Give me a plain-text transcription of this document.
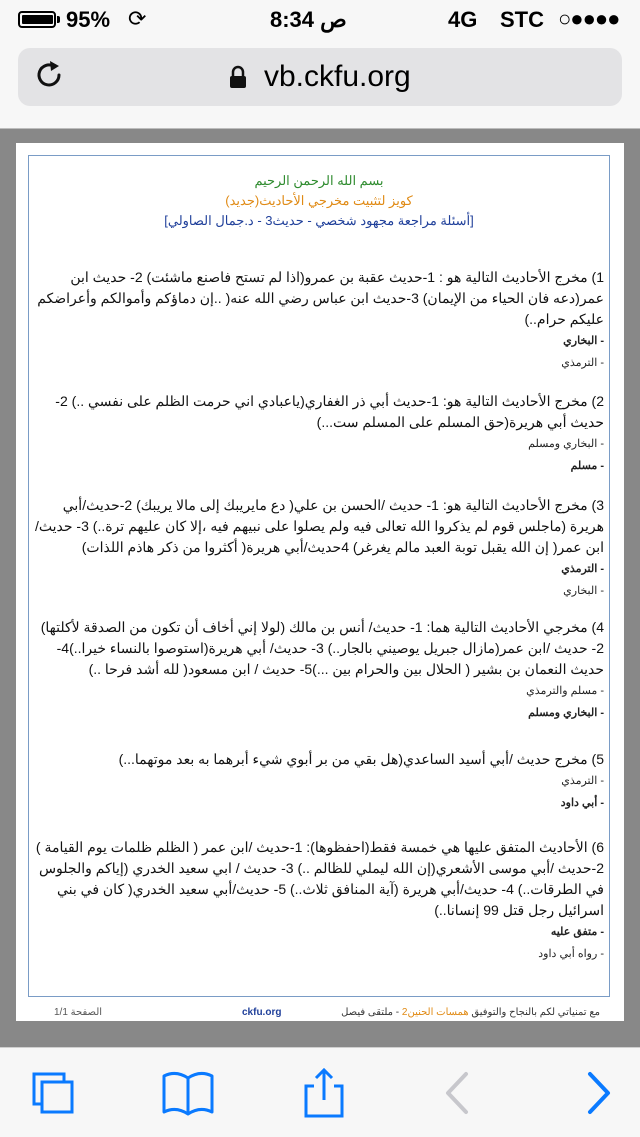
95% ⟳	8:34 ص	4G STC ○●●●●
vb.ckfu.org
بسم الله الرحمن الرحيم
كويز لتثبيت مخرجي الأحاديث(جديد)
[أسئلة مراجعة مجهود شخصي - حديث3 - د.جمال الصاولي]
1) مخرج الأحاديث التالية هو : 1-حديث عقبة بن عمرو(اذا لم تستح فاصنع ماشئت) 2- حديث ابن عمر(دعه فان الحياء من الإيمان) 3-حديث ابن عباس رضي الله عنه( ..إن دماؤكم وأموالكم وأعراضكم عليكم حرام..)
- البخاري
- الترمذي
2) مخرج الأحاديث التالية هو: 1-حديث أبي ذر الغفاري(ياعبادي اني حرمت الظلم على نفسي ..) 2- حديث أبي هريرة(حق المسلم على المسلم ست...)
- البخاري ومسلم
- مسلم
3) مخرج الأحاديث التالية هو: 1- حديث /الحسن بن علي( دع مايريبك إلى مالا يريبك) 2-حديث/أبي هريرة (ماجلس قوم لم يذكروا الله تعالى فيه ولم يصلوا على نبيهم فيه ،إلا كان عليهم ترة..) 3- حديث/ ابن عمر( إن الله يقبل توبة العبد مالم يغرغر) 4حديث/أبي هريرة( أكثروا من ذكر هاذم اللذات)
- الترمذي
- البخاري
4) مخرجي الأحاديث التالية هما: 1- حديث/ أنس بن مالك (لولا إني أخاف أن تكون من الصدقة لأكلتها) 2- حديث /ابن عمر(مازال جبريل يوصيني بالجار..) 3- حديث/ أبي هريرة(استوصوا بالنساء خيرا..)4-حديث النعمان بن بشير ( الحلال بين والحرام بين ...)5- حديث / ابن مسعود( لله أشد فرحا ..)
- مسلم والترمذي
- البخاري ومسلم
5) مخرج حديث /أبي أسيد الساعدي(هل بقي من بر أبوي شيء أبرهما به بعد موتهما...)
- الترمذي
- أبي داود
6) الأحاديث المتفق عليها هي خمسة فقط(احفظوها): 1-حديث /ابن عمر ( الظلم ظلمات يوم القيامة ) 2-حديث /أبي موسى الأشعري(إن الله ليملي للظالم ..) 3- حديث / ابي سعيد الخدري (إياكم والجلوس في الطرقات..) 4- حديث/أبي هريرة (آية المنافق ثلاث..) 5- حديث/أبي سعيد الخدري( كان في بني اسرائيل رجل قتل 99 إنسانا..)
- متفق عليه
- رواه أبي داود
مع تمنياتي لكم بالنجاح والتوفيق همسات الحنين2 - ملتقى فيصل
ckfu.org
الصفحة 1/1
